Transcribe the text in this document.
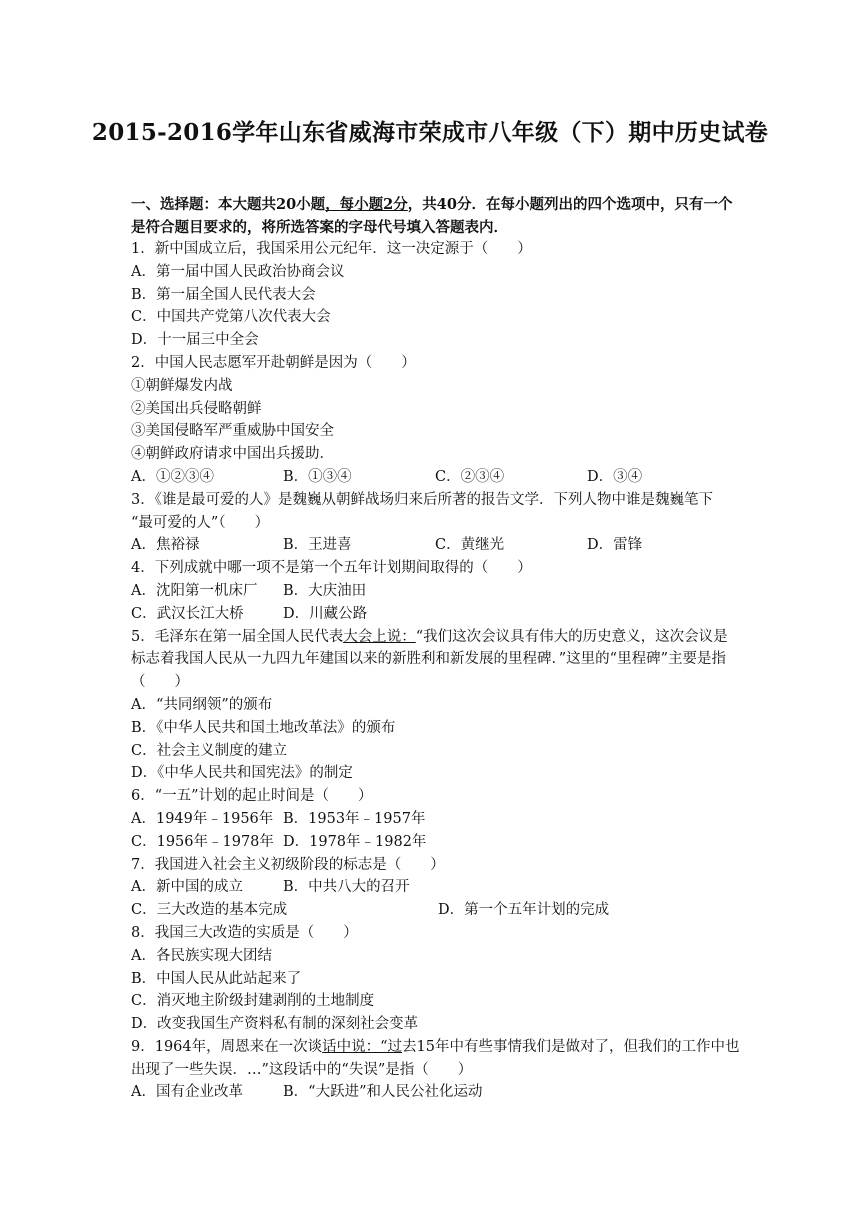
2015-2016学年山东省威海市荣成市八年级（下）期中历史试卷
一、选择题：本大题共20小题，每小题2分，共40分．在每小题列出的四个选项中，只有一个是符合题目要求的，将所选答案的字母代号填入答题表内．
1．新中国成立后，我国采用公元纪年．这一决定源于（　　）
A．第一届中国人民政治协商会议
B．第一届全国人民代表大会
C．中国共产党第八次代表大会
D．十一届三中全会
2．中国人民志愿军开赴朝鲜是因为（　　）
①朝鲜爆发内战
②美国出兵侵略朝鲜
③美国侵略军严重威胁中国安全
④朝鲜政府请求中国出兵援助．
A．①②③④	B．①③④	C．②③④	D．③④
3．《谁是最可爱的人》是魏巍从朝鲜战场归来后所著的报告文学．下列人物中谁是魏巍笔下
“最可爱的人”（　　）
A．焦裕禄	B．王进喜	C．黄继光	D．雷锋
4．下列成就中哪一项不是第一个五年计划期间取得的（　　）
A．沈阳第一机床厂	B．大庆油田
C．武汉长江大桥	D．川藏公路
5．毛泽东在第一届全国人民代表大会上说：“我们这次会议具有伟大的历史意义，这次会议是标志着我国人民从一九四九年建国以来的新胜利和新发展的里程碑．”这里的“里程碑”主要是指（　　）
A．“共同纲领”的颁布
B．《中华人民共和国土地改革法》的颁布
C．社会主义制度的建立
D．《中华人民共和国宪法》的制定
6．“一五”计划的起止时间是（　　）
A．1949年﹣1956年 B．1953年﹣1957年
C．1956年﹣1978年 D．1978年﹣1982年
7．我国进入社会主义初级阶段的标志是（　　）
A．新中国的成立	B．中共八大的召开
C．三大改造的基本完成	D．第一个五年计划的完成
8．我国三大改造的实质是（　　）
A．各民族实现大团结
B．中国人民从此站起来了
C．消灭地主阶级封建剥削的土地制度
D．改变我国生产资料私有制的深刻社会变革
9．1964年，周恩来在一次谈话中说：“过去15年中有些事情我们是做对了，但我们的工作中也出现了一些失误．…”这段话中的“失误”是指（　　）
A．国有企业改革	B．“大跃进”和人民公社化运动
